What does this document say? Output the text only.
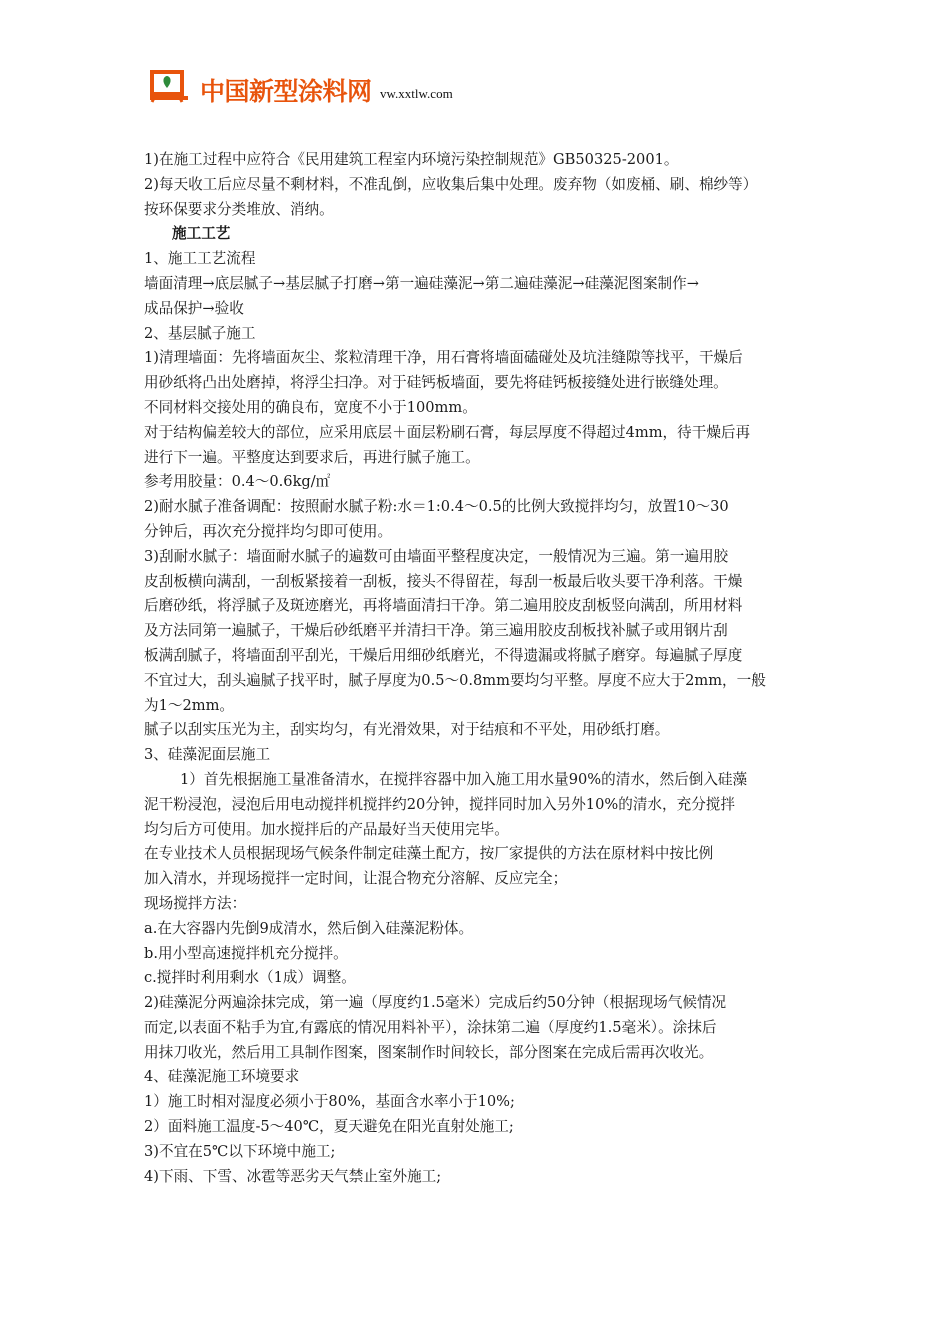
中国新型涂料网 vw.xxtlw.com

1)在施工过程中应符合《民用建筑工程室内环境污染控制规范》GB50325-2001。

2)每天收工后应尽量不剩材料，不准乱倒，应收集后集中处理。废弃物（如废桶、刷、棉纱等）

按环保要求分类堆放、消纳。

施工工艺

1、施工工艺流程

墙面清理→底层腻子→基层腻子打磨→第一遍硅藻泥→第二遍硅藻泥→硅藻泥图案制作→

成品保护→验收

2、基层腻子施工

1)清理墙面：先将墙面灰尘、浆粒清理干净，用石膏将墙面磕碰处及坑洼缝隙等找平，干燥后

用砂纸将凸出处磨掉，将浮尘扫净。对于硅钙板墙面，要先将硅钙板接缝处进行嵌缝处理。

不同材料交接处用的确良布，宽度不小于100mm。

对于结构偏差较大的部位，应采用底层＋面层粉刷石膏，每层厚度不得超过4mm，待干燥后再

进行下一遍。平整度达到要求后，再进行腻子施工。

参考用胶量：0.4～0.6kg/㎡

2)耐水腻子准备调配：按照耐水腻子粉:水＝1:0.4～0.5的比例大致搅拌均匀，放置10～30

分钟后，再次充分搅拌均匀即可使用。

3)刮耐水腻子：墙面耐水腻子的遍数可由墙面平整程度决定，一般情况为三遍。第一遍用胶

皮刮板横向满刮，一刮板紧接着一刮板，接头不得留茬，每刮一板最后收头要干净利落。干燥

后磨砂纸，将浮腻子及斑迹磨光，再将墙面清扫干净。第二遍用胶皮刮板竖向满刮，所用材料

及方法同第一遍腻子，干燥后砂纸磨平并清扫干净。第三遍用胶皮刮板找补腻子或用钢片刮

板满刮腻子，将墙面刮平刮光，干燥后用细砂纸磨光，不得遗漏或将腻子磨穿。每遍腻子厚度

不宜过大，刮头遍腻子找平时，腻子厚度为0.5～0.8mm要均匀平整。厚度不应大于2mm，一般

为1～2mm。

腻子以刮实压光为主，刮实均匀，有光滑效果，对于结痕和不平处，用砂纸打磨。

3、硅藻泥面层施工

1）首先根据施工量准备清水，在搅拌容器中加入施工用水量90%的清水，然后倒入硅藻

泥干粉浸泡，浸泡后用电动搅拌机搅拌约20分钟，搅拌同时加入另外10%的清水，充分搅拌

均匀后方可使用。加水搅拌后的产品最好当天使用完毕。

在专业技术人员根据现场气候条件制定硅藻土配方，按厂家提供的方法在原材料中按比例

加入清水，并现场搅拌一定时间，让混合物充分溶解、反应完全；

现场搅拌方法：

a.在大容器内先倒9成清水，然后倒入硅藻泥粉体。

b.用小型高速搅拌机充分搅拌。

c.搅拌时利用剩水（1成）调整。

2)硅藻泥分两遍涂抹完成，第一遍（厚度约1.5毫米）完成后约50分钟（根据现场气候情况

而定,以表面不粘手为宜,有露底的情况用料补平），涂抹第二遍（厚度约1.5毫米）。涂抹后

用抹刀收光，然后用工具制作图案，图案制作时间较长，部分图案在完成后需再次收光。

4、硅藻泥施工环境要求

1）施工时相对湿度必须小于80%，基面含水率小于10%;

2）面料施工温度-5～40℃，夏天避免在阳光直射处施工;

3)不宜在5℃以下环境中施工;

4)下雨、下雪、冰雹等恶劣天气禁止室外施工;
